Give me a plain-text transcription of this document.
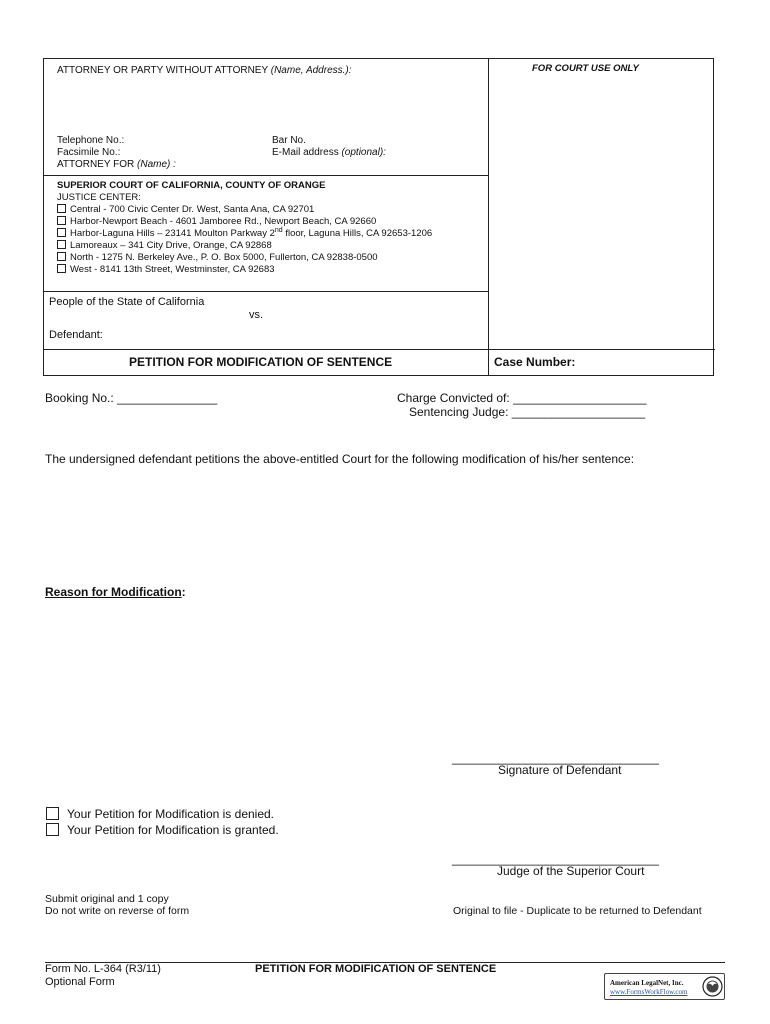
ATTORNEY OR PARTY WITHOUT ATTORNEY (Name, Address.):	FOR COURT USE ONLY
Telephone No.:	Bar No.
Facsimile No.:	E-Mail address (optional):
ATTORNEY FOR (Name) :
SUPERIOR COURT OF CALIFORNIA, COUNTY OF ORANGE
JUSTICE CENTER:
Central - 700 Civic Center Dr. West, Santa Ana, CA 92701
Harbor-Newport Beach - 4601 Jamboree Rd., Newport Beach, CA 92660
Harbor-Laguna Hills – 23141 Moulton Parkway 2nd floor, Laguna Hills, CA 92653-1206
Lamoreaux – 341 City Drive, Orange, CA 92868
North - 1275 N. Berkeley Ave., P. O. Box 5000, Fullerton, CA 92838-0500
West - 8141 13th Street, Westminster, CA 92683
People of the State of California
vs.
Defendant:
PETITION FOR MODIFICATION OF SENTENCE	Case Number:
Booking No.: _______________	Charge Convicted of: ____________________
Sentencing Judge: ____________________
The undersigned defendant petitions the above-entitled Court for the following modification of his/her sentence:
Reason for Modification:
_______________________________
Signature of Defendant
Your Petition for Modification is denied.
Your Petition for Modification is granted.
_______________________________
Judge of the Superior Court
Submit original and 1 copy
Do not write on reverse of form	Original to file - Duplicate to be returned to Defendant
Form No. L-364 (R3/11)
Optional Form
PETITION FOR MODIFICATION OF SENTENCE
American LegalNet, Inc.
www.FormsWorkFlow.com
